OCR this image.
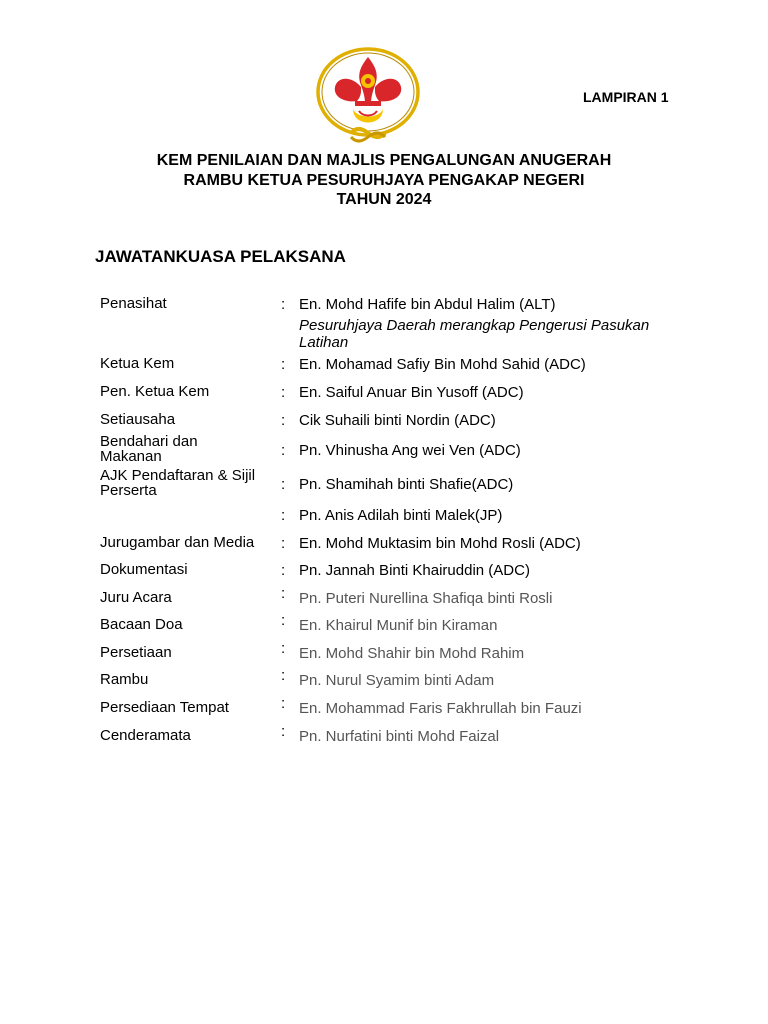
LAMPIRAN 1
KEM PENILAIAN DAN MAJLIS PENGALUNGAN ANUGERAH
RAMBU KETUA PESURUHJAYA PENGAKAP NEGERI
TAHUN 2024
JAWATANKUASA PELAKSANA
Penasihat	: En. Mohd Hafife bin Abdul Halim (ALT)
Pesuruhjaya Daerah merangkap Pengerusi Pasukan
Latihan
Ketua Kem	: En. Mohamad Safiy Bin Mohd Sahid (ADC)
Pen. Ketua Kem	: En. Saiful Anuar Bin Yusoff (ADC)
Setiausaha	: Cik Suhaili binti Nordin (ADC)
Bendahari dan
Makanan	: Pn. Vhinusha Ang wei Ven (ADC)
AJK Pendaftaran & Sijil
Perserta	: Pn. Shamihah binti Shafie(ADC)
: Pn. Anis Adilah binti Malek(JP)
Jurugambar dan Media	: En. Mohd Muktasim bin Mohd Rosli (ADC)
Dokumentasi	: Pn. Jannah Binti Khairuddin (ADC)
Juru Acara	: Pn. Puteri Nurellina Shafiqa binti Rosli
Bacaan Doa	: En. Khairul Munif bin Kiraman
Persetiaan	: En. Mohd Shahir bin Mohd Rahim
Rambu	: Pn. Nurul Syamim binti Adam
Persediaan Tempat	: En. Mohammad Faris Fakhrullah bin Fauzi
Cenderamata	: Pn. Nurfatini binti Mohd Faizal
